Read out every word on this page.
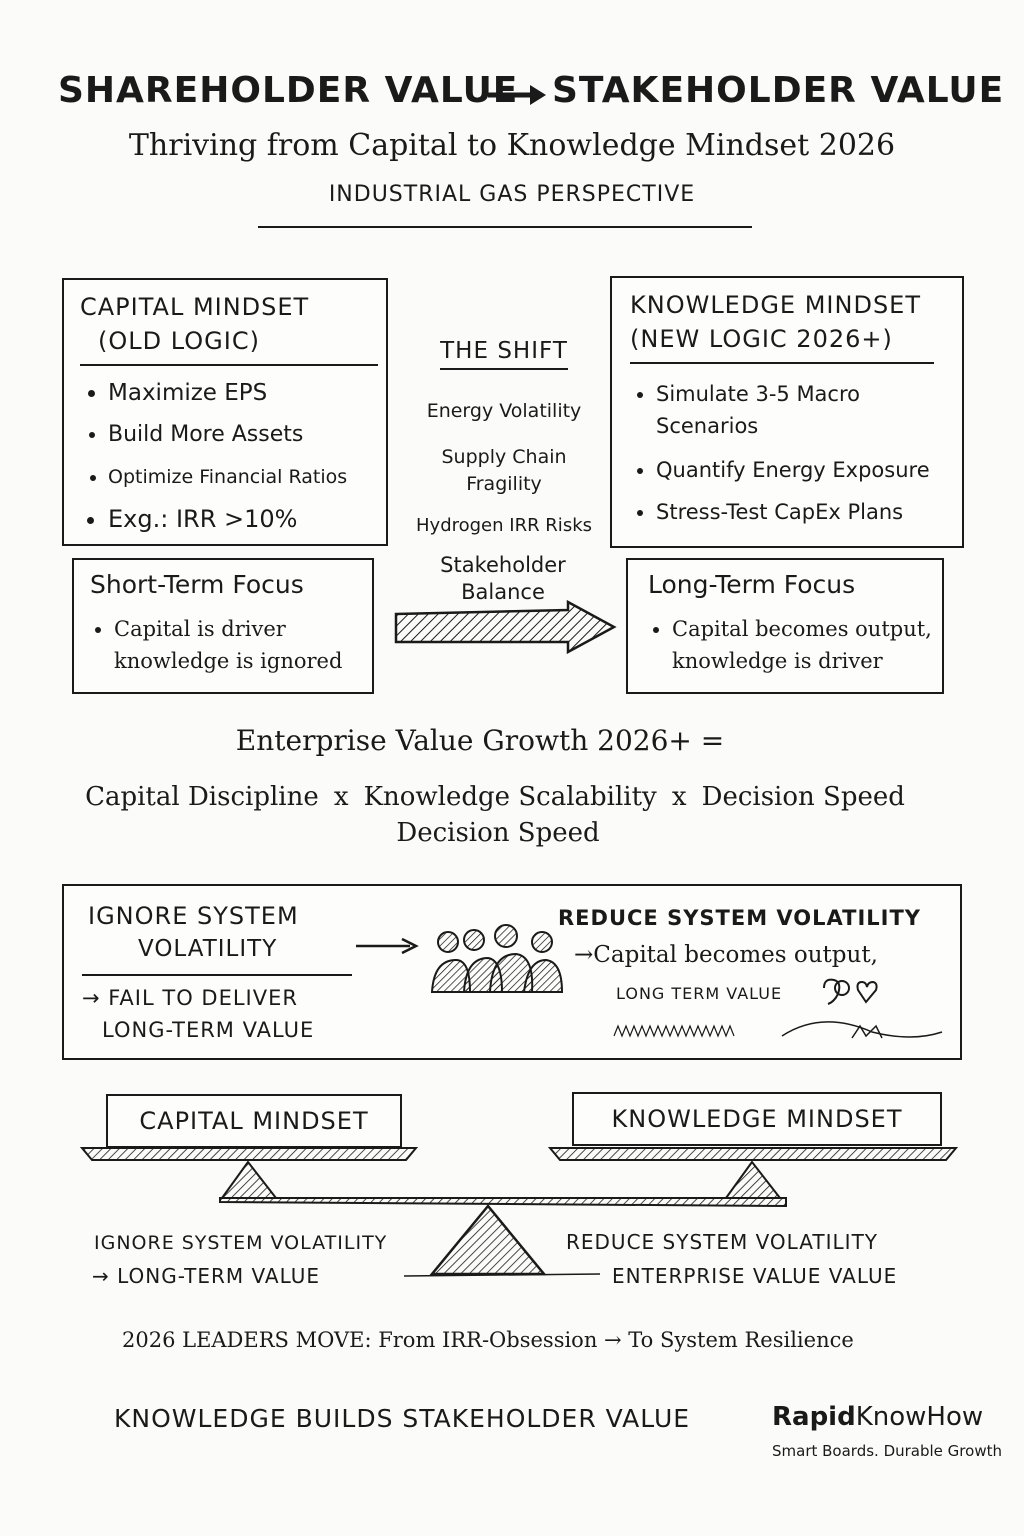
SHAREHOLDER VALUE STAKEHOLDER VALUE
Thriving from Capital to Knowledge Mindset 2026
INDUSTRIAL GAS PERSPECTIVE
CAPITAL MINDSET
(OLD LOGIC)
• Maximize EPS
• Build More Assets
• Optimize Financial Ratios
• Exg.: IRR >10%
KNOWLEDGE MINDSET
(NEW LOGIC 2026+)
• Simulate 3-5 Macro Scenarios
• Quantify Energy Exposure
• Stress-Test CapEx Plans
THE SHIFT
Energy Volatility
Supply Chain Fragility
Hydrogen IRR Risks
Stakeholder Balance
Short-Term Focus
• Capital is driver knowledge is ignored
Long-Term Focus
• Capital becomes output, knowledge is driver
Enterprise Value Growth 2026+ =
Capital Discipline x Knowledge Scalability x Decision Speed
Decision Speed
IGNORE SYSTEM
VOLATILITY
→ FAIL TO DELIVER
LONG-TERM VALUE
REDUCE SYSTEM VOLATILITY
→Capital becomes output,
LONG TERM VALUE
CAPITAL MINDSET	KNOWLEDGE MINDSET
IGNORE SYSTEM VOLATILITY
→ LONG-TERM VALUE
REDUCE SYSTEM VOLATILITY
ENTERPRISE VALUE VALUE
2026 LEADERS MOVE: From IRR-Obsession → To System Resilience
KNOWLEDGE BUILDS STAKEHOLDER VALUE	RapidKnowHow
Smart Boards. Durable Growth
